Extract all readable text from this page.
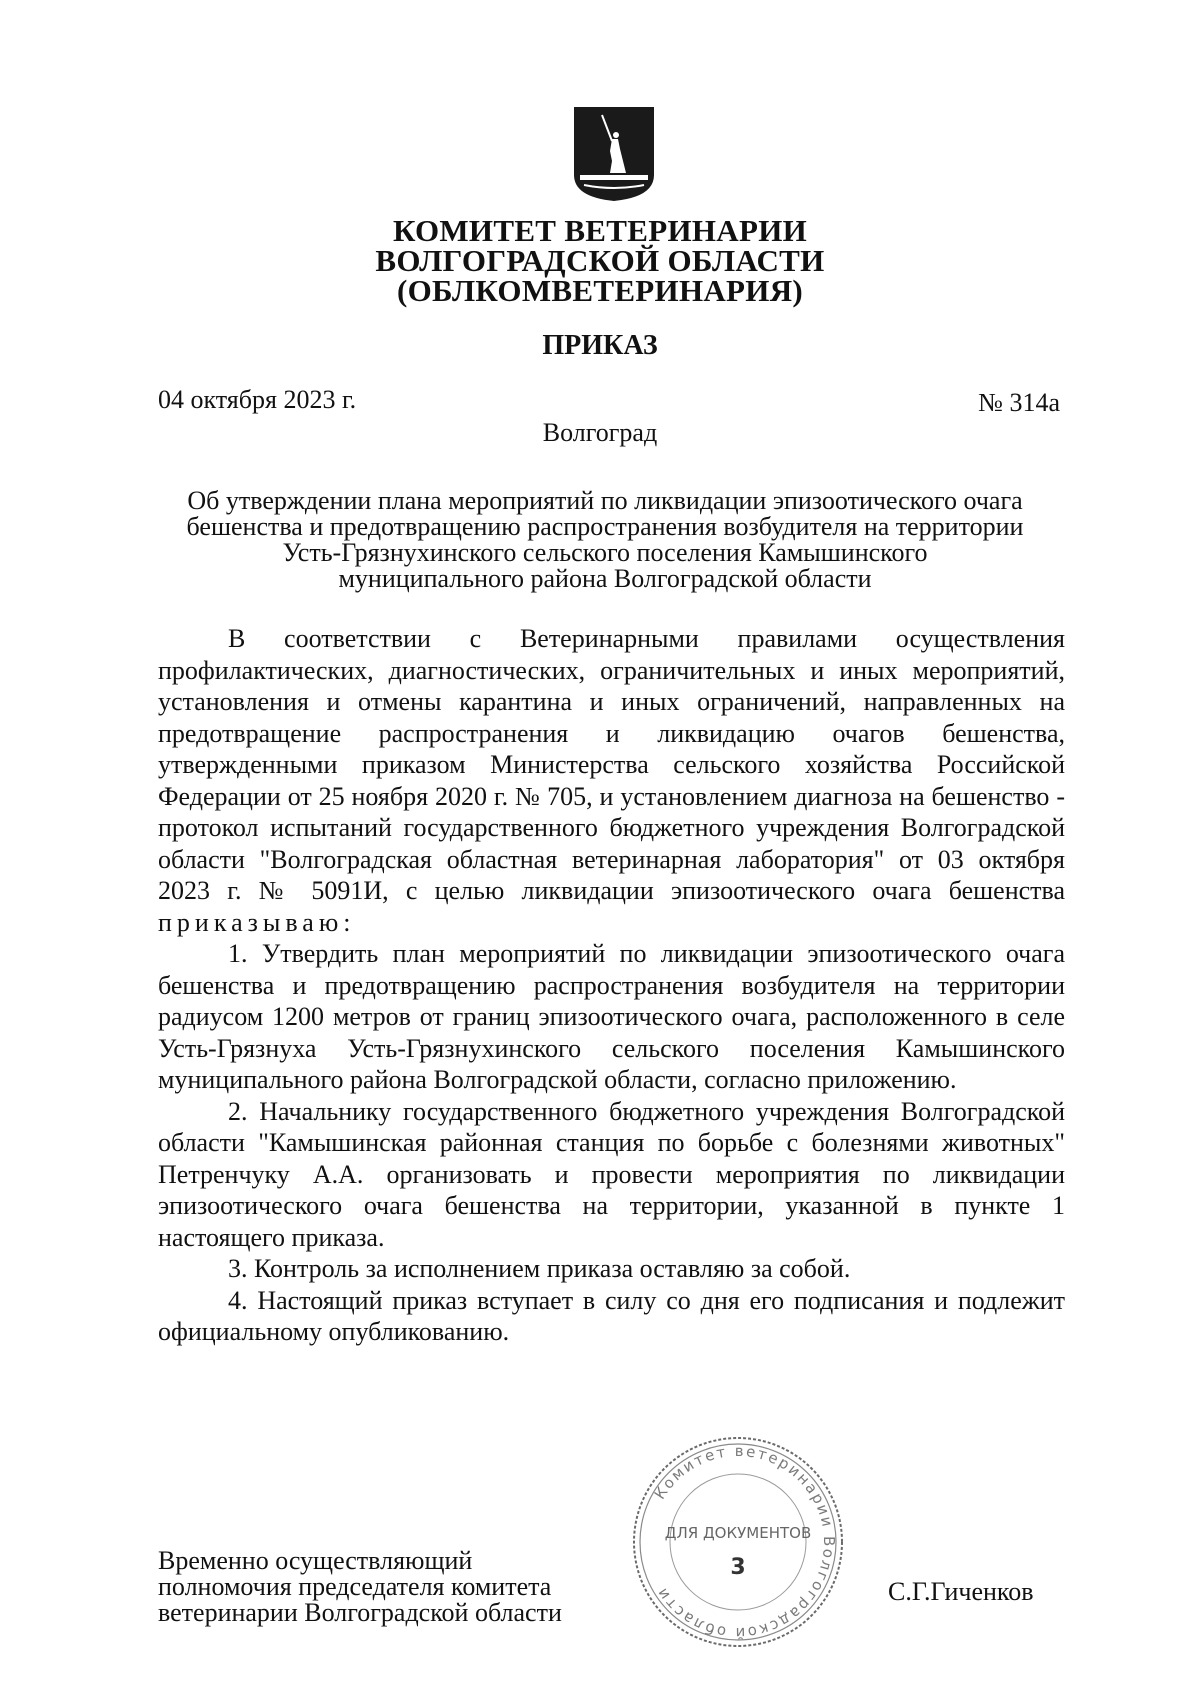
КОМИТЕТ ВЕТЕРИНАРИИ
ВОЛГОГРАДСКОЙ ОБЛАСТИ
(ОБЛКОМВЕТЕРИНАРИЯ)
ПРИКАЗ
04 октября 2023 г.	№ 314а
Волгоград
Об утверждении плана мероприятий по ликвидации эпизоотического очага
бешенства и предотвращению распространения возбудителя на территории
Усть-Грязнухинского сельского поселения Камышинского
муниципального района Волгоградской области

В соответствии с Ветеринарными правилами осуществления профилактических, диагностических, ограничительных и иных мероприятий, установления и отмены карантина и иных ограничений, направленных на предотвращение распространения и ликвидацию очагов бешенства, утвержденными приказом Министерства сельского хозяйства Российской Федерации от 25 ноября 2020 г. № 705, и установлением диагноза на бешенство - протокол испытаний государственного бюджетного учреждения Волгоградской области "Волгоградская областная ветеринарная лаборатория" от 03 октября 2023 г. № 5091И, с целью ликвидации эпизоотического очага бешенства приказываю:

1. Утвердить план мероприятий по ликвидации эпизоотического очага бешенства и предотвращению распространения возбудителя на территории радиусом 1200 метров от границ эпизоотического очага, расположенного в селе Усть-Грязнуха Усть-Грязнухинского сельского поселения Камышинского муниципального района Волгоградской области, согласно приложению.

2. Начальнику государственного бюджетного учреждения Волгоградской области "Камышинская районная станция по борьбе с болезнями животных" Петренчуку А.А. организовать и провести мероприятия по ликвидации эпизоотического очага бешенства на территории, указанной в пункте 1 настоящего приказа.

3. Контроль за исполнением приказа оставляю за собой.

4. Настоящий приказ вступает в силу со дня его подписания и подлежит официальному опубликованию.

Временно осуществляющий
полномочия председателя комитета
ветеринарии Волгоградской области
Комитет ветеринарии Волгоградской области
ДЛЯ ДОКУМЕНТОВ
3
С.Г.Гиченков
